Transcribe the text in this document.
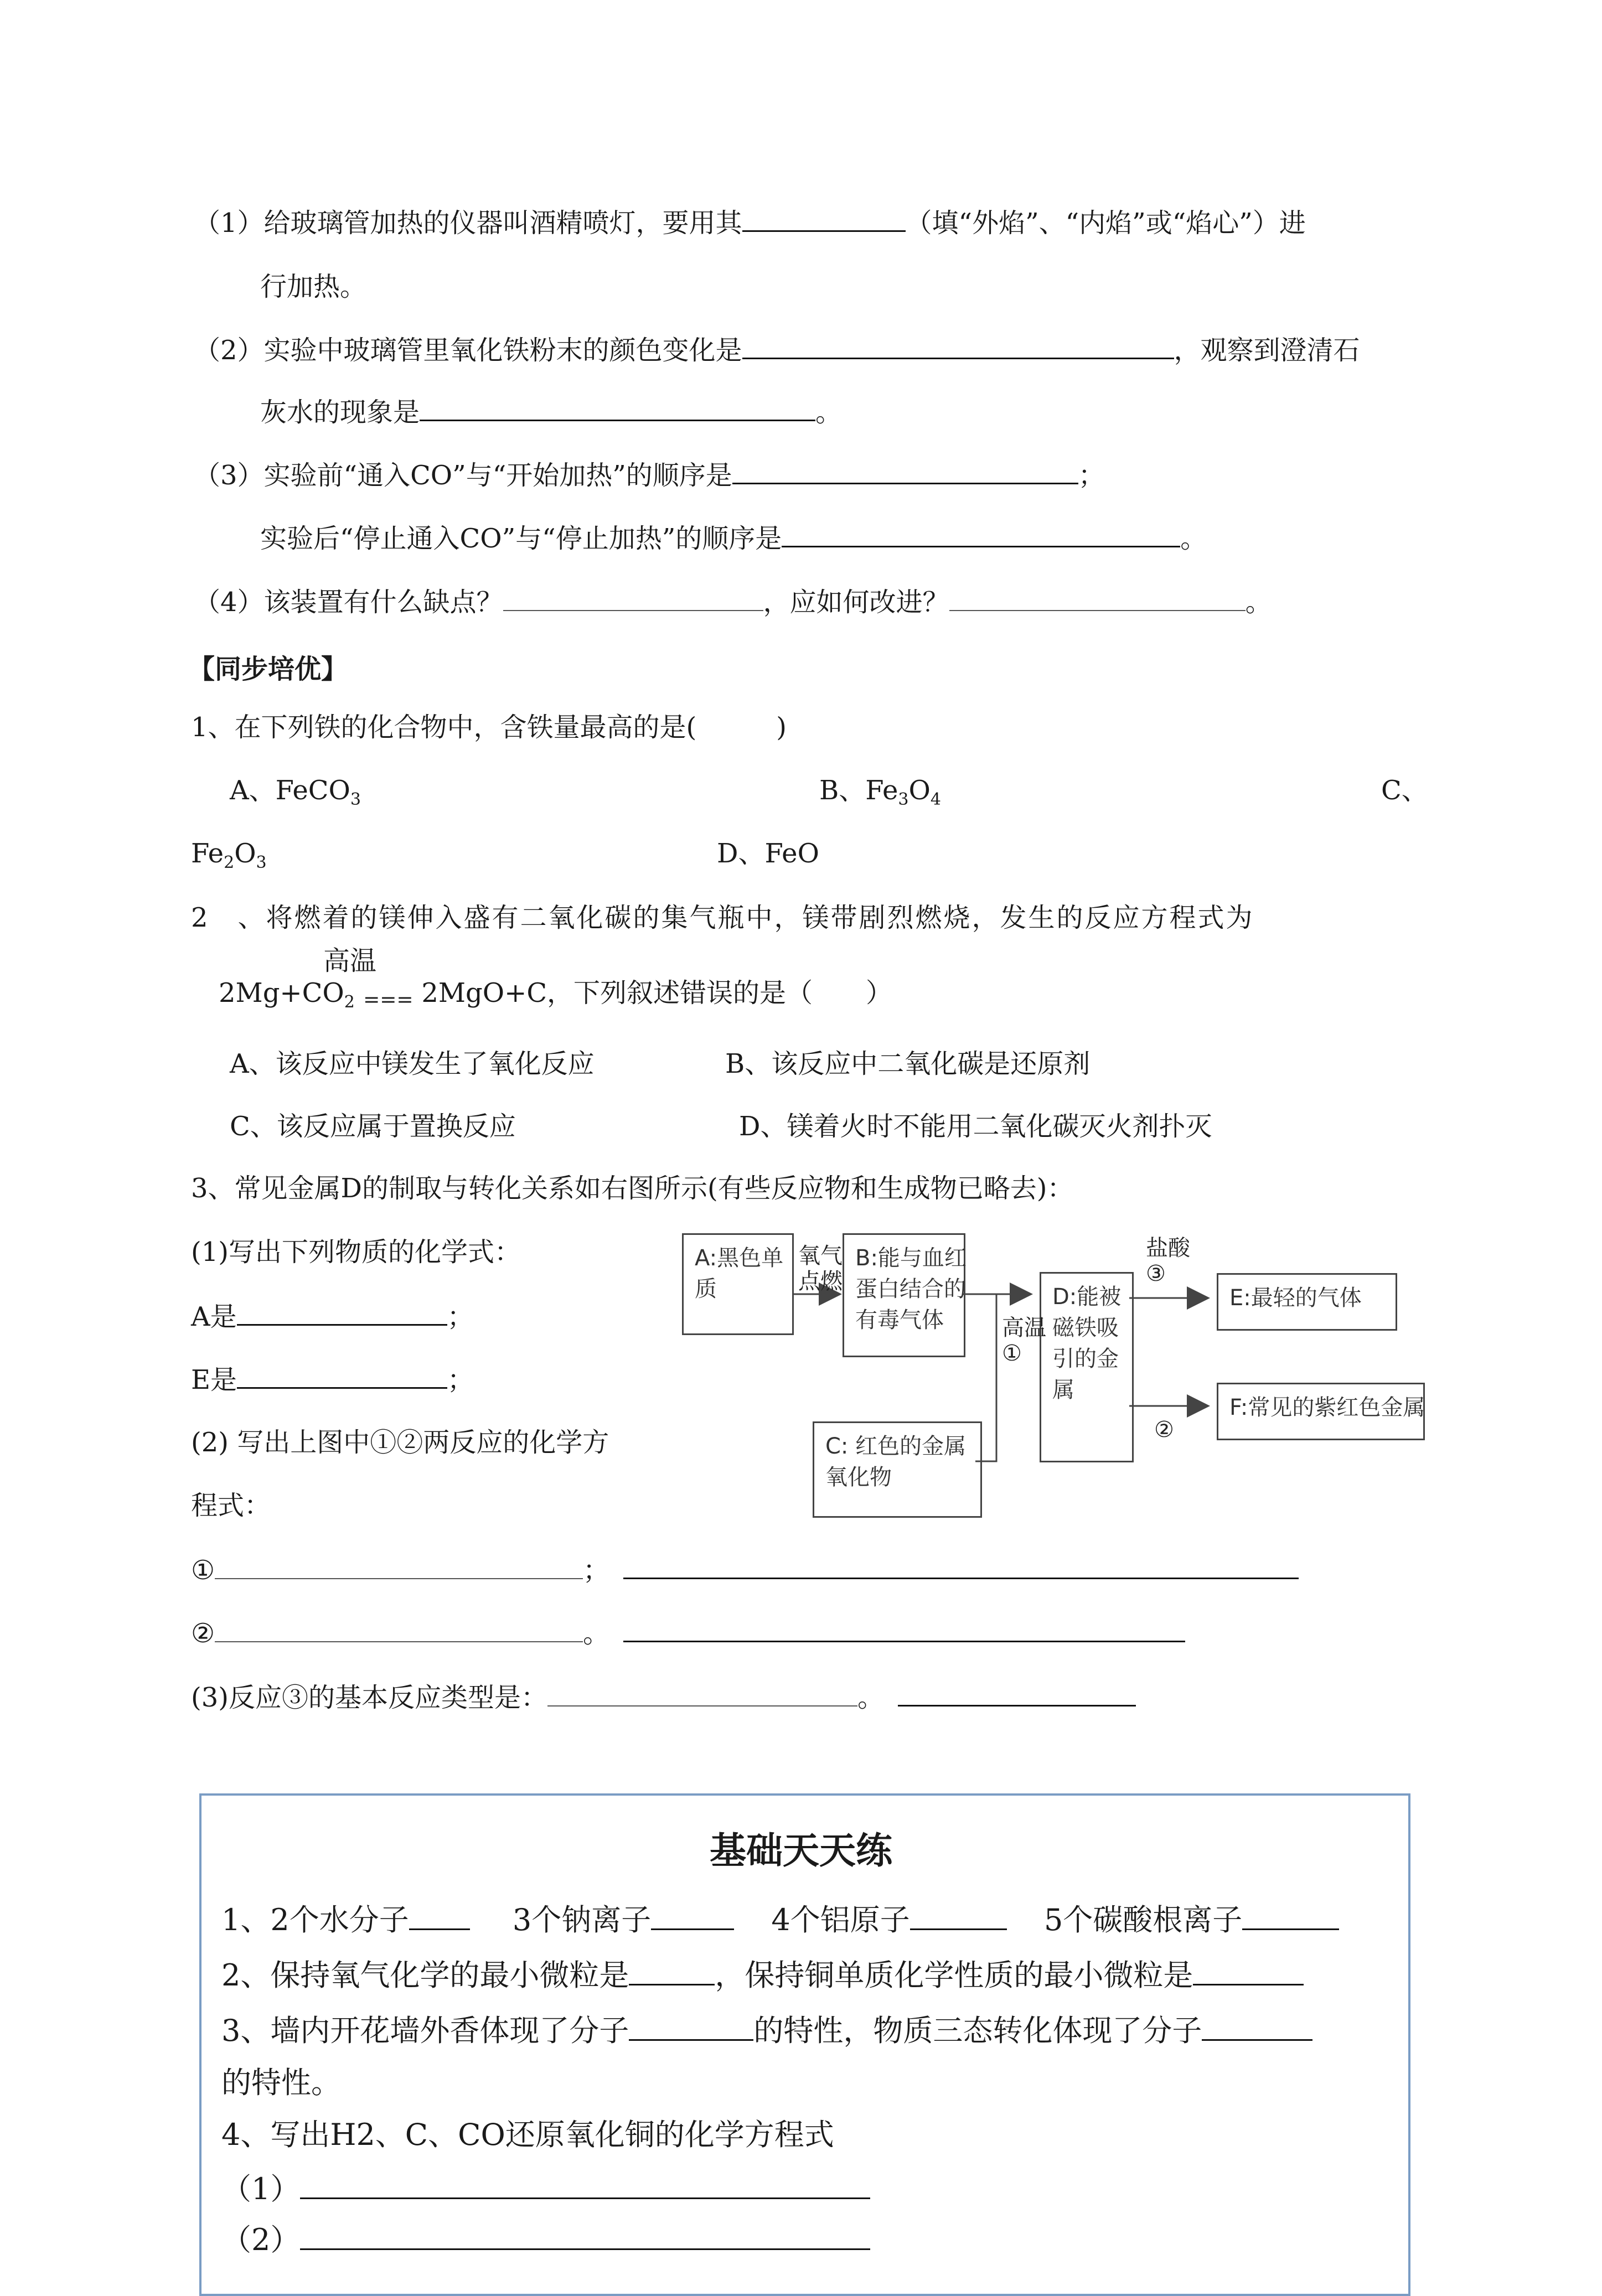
（1）给玻璃管加热的仪器叫酒精喷灯，要用其	（填“外焰”、“内焰”或“焰心”）进
行加热。
（2）实验中玻璃管里氧化铁粉末的颜色变化是	，观察到澄清石
灰水的现象是	。
（3）实验前“通入CO”与“开始加热”的顺序是	；
实验后“停止通入CO”与“停止加热”的顺序是	。
（4）该装置有什么缺点？	，应如何改进？	。
【同步培优】
1、在下列铁的化合物中，含铁量最高的是(　　　)
A、FeCO$_3$	B、$Fe_3O_4$	C、
$Fe_2O_3$	D、FeO
2　、将燃着的镁伸入盛有二氧化碳的集气瓶中，镁带剧烈燃烧，发生的反应方程式为
高温
$2Mg+CO_2$ === 2MgO+C，下列叙述错误的是（　　）
A、该反应中镁发生了氧化反应	B、该反应中二氧化碳是还原剂
C、该反应属于置换反应	D、镁着火时不能用二氧化碳灭火剂扑灭
3、常见金属D的制取与转化关系如右图所示(有些反应物和生成物已略去)：
(1)写出下列物质的化学式：
A是	；
E是	；
(2) 写出上图中①②两反应的化学方
程式：
①	；
②	。
(3)反应③的基本反应类型是：	。
A:黑色单
质
B:能与血红
蛋白结合的
有毒气体
C: 红色的金属
氧化物
D:能被
磁铁吸
引的金
属
E:最轻的气体
F:常见的紫红色金属
氧气
点燃
高温
①
盐酸
③
②
基础天天练
1、2个水分子	3个钠离子	4个铝原子	5个碳酸根离子
2、保持氧气化学的最小微粒是	，保持铜单质化学性质的最小微粒是
3、墙内开花墙外香体现了分子	的特性，物质三态转化体现了分子
的特性。
4、写出H2、C、CO还原氧化铜的化学方程式
（1）
（2）
